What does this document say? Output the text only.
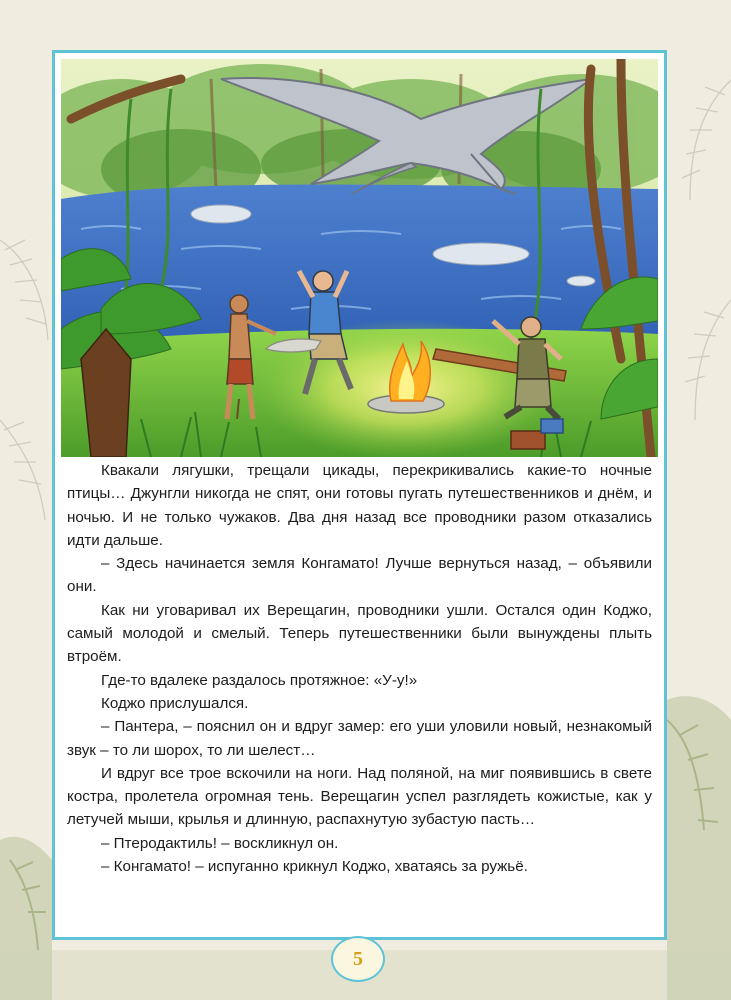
Квакали лягушки, трещали цикады, перекрикивались какие-то ночные птицы… Джунгли никогда не спят, они готовы пугать путешественников и днём, и ночью. И не только чужаков. Два дня назад все проводники разом отказались идти дальше.

– Здесь начинается земля Конгамато! Лучше вернуться назад, – объявили они.

Как ни уговаривал их Верещагин, проводники ушли. Остался один Коджо, самый молодой и смелый. Теперь путешественники были вынуждены плыть втроём.

Где-то вдалеке раздалось протяжное: «У-у!»

Коджо прислушался.

– Пантера, – пояснил он и вдруг замер: его уши уловили новый, незнакомый звук – то ли шорох, то ли шелест…

И вдруг все трое вскочили на ноги. Над поляной, на миг появившись в свете костра, пролетела огромная тень. Верещагин успел разглядеть кожистые, как у летучей мыши, крылья и длинную, распахнутую зубастую пасть…

– Птеродактиль! – воскликнул он.

– Конгамато! – испуганно крикнул Коджо, хватаясь за ружьё.

5
